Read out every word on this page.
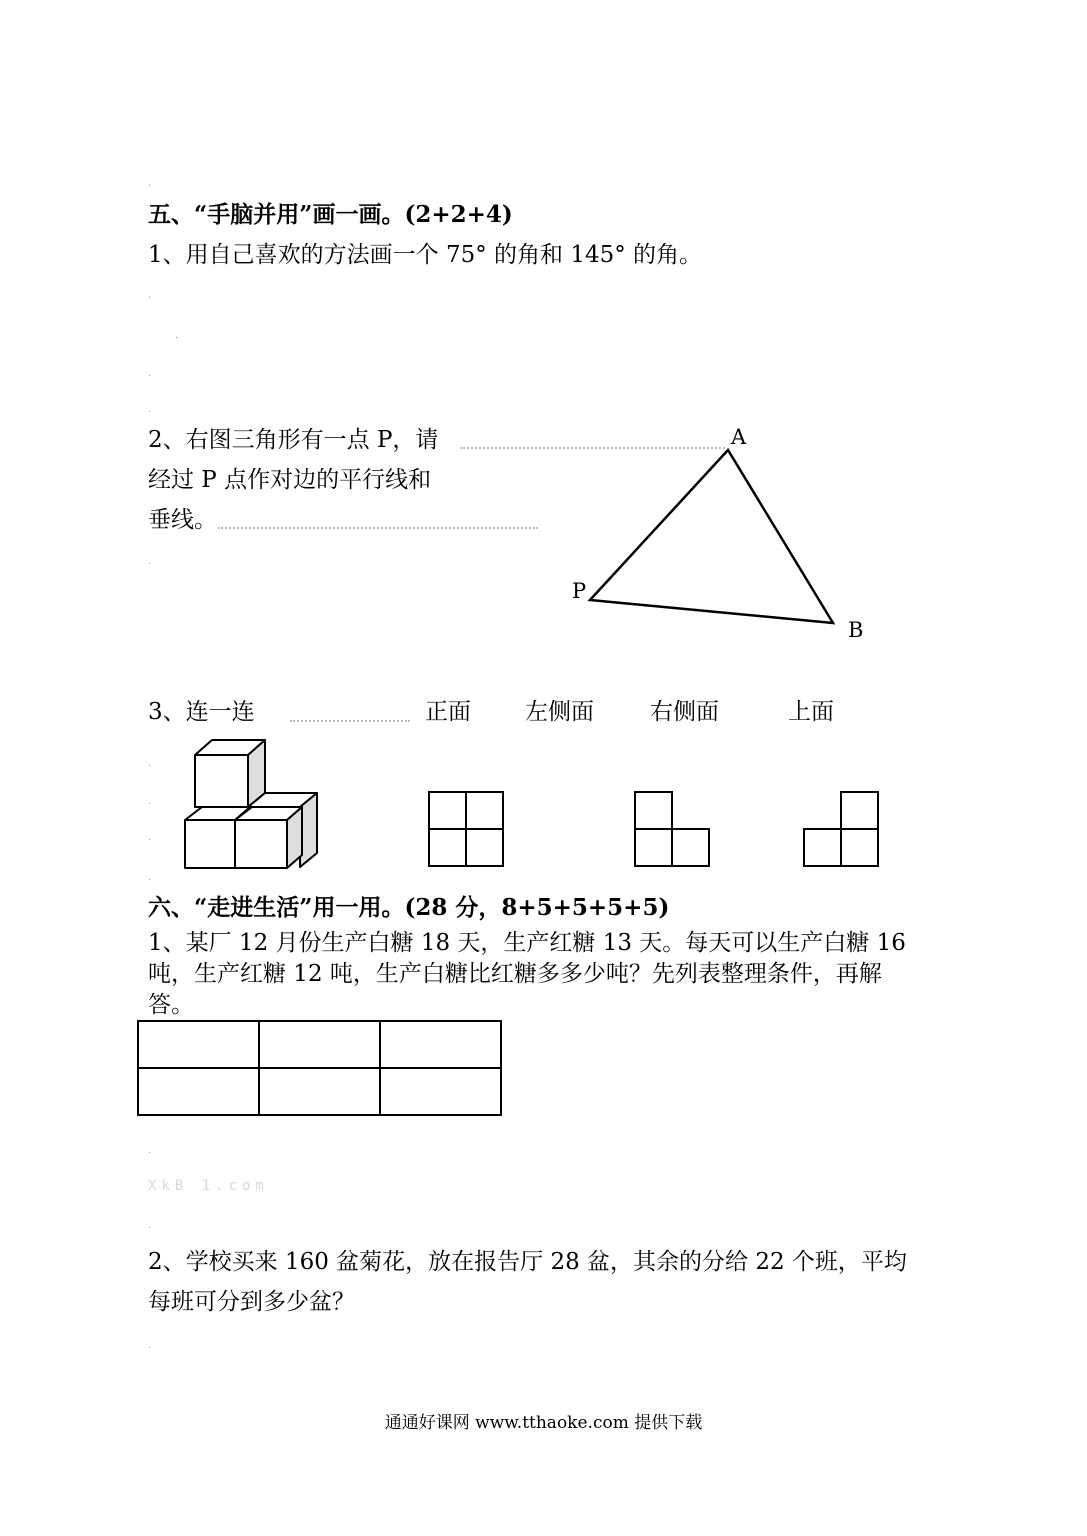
.
.
.
.
.
.
.
.
.
.
.
.
.
五、“手脑并用”画一画。(2+2+4)
1、用自己喜欢的方法画一个 75° 的角和 145° 的角。
2、右图三角形有一点 P，请
经过 P 点作对边的平行线和
垂线。
A
P
B
3、连一连	正面 左侧面 右侧面	上面
六、“走进生活”用一用。(28 分，8+5+5+5+5)
1、某厂 12 月份生产白糖 18 天，生产红糖 13 天。每天可以生产白糖 16
吨，生产红糖 12 吨，生产白糖比红糖多多少吨？先列表整理条件，再解
答。

XkB 1.com
2、学校买来 160 盆菊花，放在报告厅 28 盆，其余的分给 22 个班，平均
每班可分到多少盆？
通通好课网 www.tthaoke.com 提供下载
